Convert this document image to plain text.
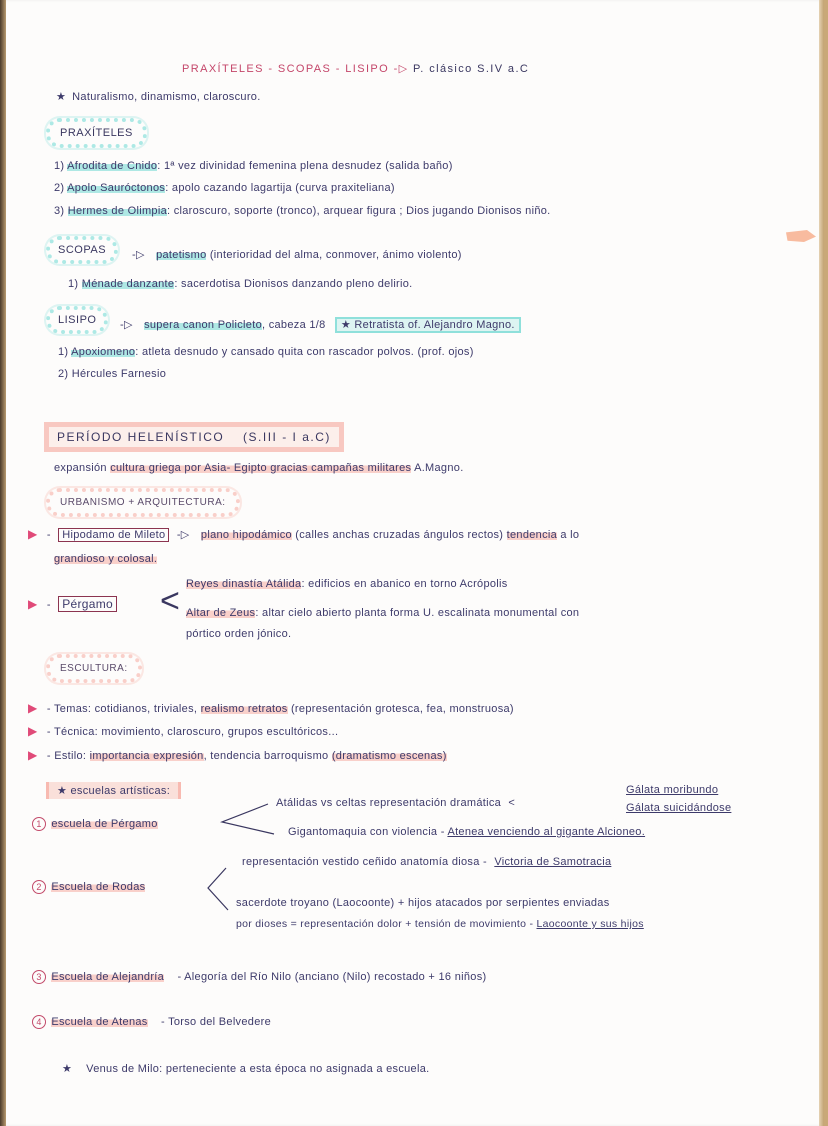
PRAXÍTELES - SCOPAS - LISIPO -▷ P. clásico S.IV a.C
★ Naturalismo, dinamismo, claroscuro.
PRAXÍTELES
1) Afrodita de Cnido: 1ª vez divinidad femenina plena desnudez (salida baño)
2) Apolo Sauróctonos: apolo cazando lagartija (curva praxiteliana)
3) Hermes de Olimpia: claroscuro, soporte (tronco), arquear figura ; Dios jugando Dionisos niño.
SCOPAS	-▷ patetismo (interioridad del alma, conmover, ánimo violento)
1) Ménade danzante: sacerdotisa Dionisos danzando pleno delirio.
LISIPO	-▷ supera canon Policleto, cabeza 1/8 ★ Retratista of. Alejandro Magno.
1) Apoxiomeno: atleta desnudo y cansado quita con rascador polvos. (prof. ojos)
2) Hércules Farnesio
PERÍODO HELENÍSTICO (S.III - I a.C)
expansión cultura griega por Asia- Egipto gracias campañas militares A.Magno.
URBANISMO + ARQUITECTURA:
▶ - Hipodamo de Mileto -▷ plano hipodámico (calles anchas cruzadas ángulos rectos) tendencia a lo
grandioso y colosal.
▶ - Pérgamo < Reyes dinastía Atálida: edificios en abanico en torno Acrópolis
Altar de Zeus: altar cielo abierto planta forma U. escalinata monumental con
pórtico orden jónico.
ESCULTURA:
▶ - Temas: cotidianos, triviales, realismo retratos (representación grotesca, fea, monstruosa)
▶ - Técnica: movimiento, claroscuro, grupos escultóricos...
▶ - Estilo: importancia expresión, tendencia barroquismo (dramatismo escenas)
★ escuelas artísticas:
1 escuela de Pérgamo
Atálidas vs celtas representación dramática <
Gálata moribundo
Gálata suicidándose
Gigantomaquia con violencia - Atenea venciendo al gigante Alcioneo.
2 Escuela de Rodas
representación vestido ceñido anatomía diosa - Victoria de Samotracia
sacerdote troyano (Laocoonte) + hijos atacados por serpientes enviadas
por dioses = representación dolor + tensión de movimiento - Laocoonte y sus hijos
3 Escuela de Alejandría - Alegoría del Río Nilo (anciano (Nilo) recostado + 16 niños)
4 Escuela de Atenas - Torso del Belvedere
★ Venus de Milo: perteneciente a esta época no asignada a escuela.
